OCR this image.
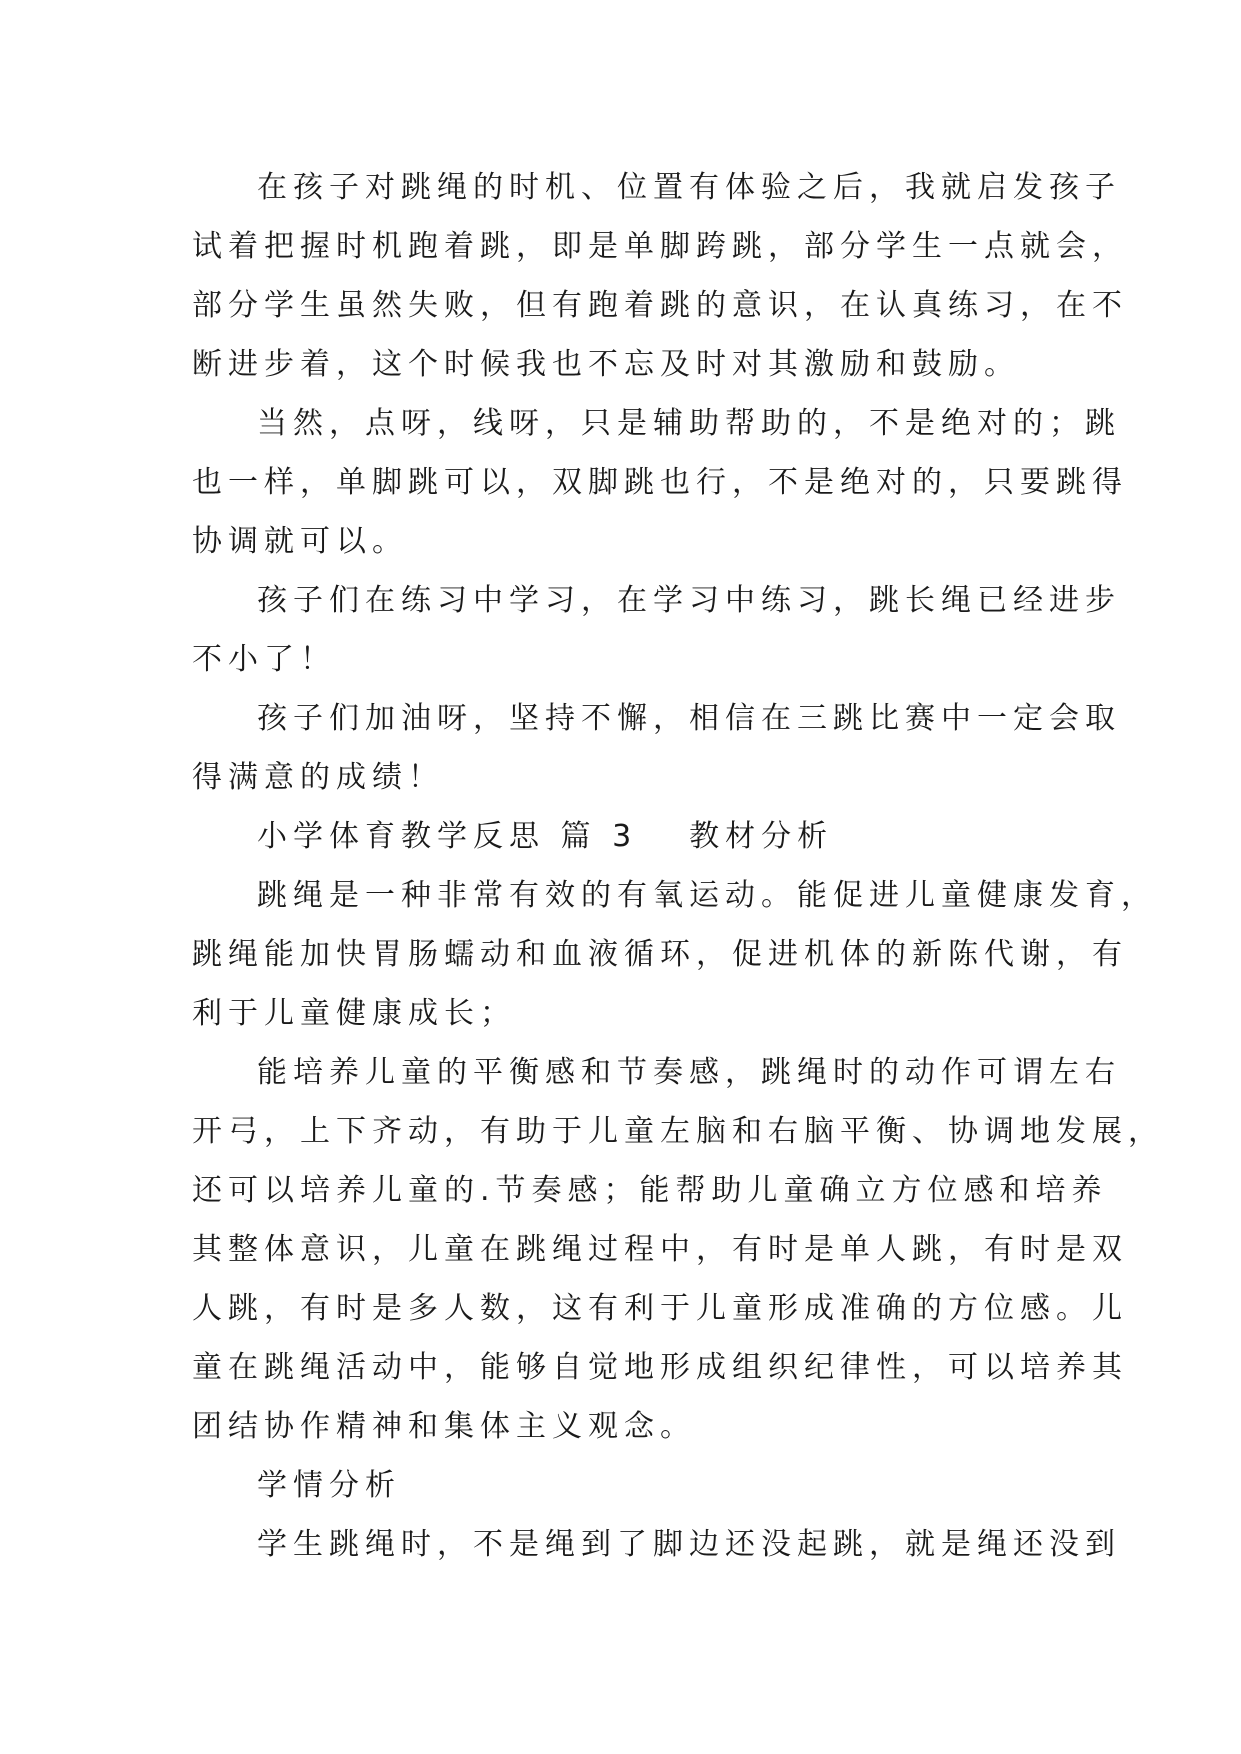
在孩子对跳绳的时机、位置有体验之后，我就启发孩子
试着把握时机跑着跳，即是单脚跨跳，部分学生一点就会，
部分学生虽然失败，但有跑着跳的意识，在认真练习，在不
断进步着，这个时候我也不忘及时对其激励和鼓励。
当然，点呀，线呀，只是辅助帮助的，不是绝对的；跳
也一样，单脚跳可以，双脚跳也行，不是绝对的，只要跳得
协调就可以。
孩子们在练习中学习，在学习中练习，跳长绳已经进步
不小了！
孩子们加油呀，坚持不懈，相信在三跳比赛中一定会取
得满意的成绩！
小学体育教学反思 篇 3 教材分析
跳绳是一种非常有效的有氧运动。能促进儿童健康发育，
跳绳能加快胃肠蠕动和血液循环，促进机体的新陈代谢，有
利于儿童健康成长；
能培养儿童的平衡感和节奏感，跳绳时的动作可谓左右
开弓，上下齐动，有助于儿童左脑和右脑平衡、协调地发展，
还可以培养儿童的.节奏感；能帮助儿童确立方位感和培养
其整体意识，儿童在跳绳过程中，有时是单人跳，有时是双
人跳，有时是多人数，这有利于儿童形成准确的方位感。儿
童在跳绳活动中，能够自觉地形成组织纪律性，可以培养其
团结协作精神和集体主义观念。
学情分析
学生跳绳时，不是绳到了脚边还没起跳，就是绳还没到
